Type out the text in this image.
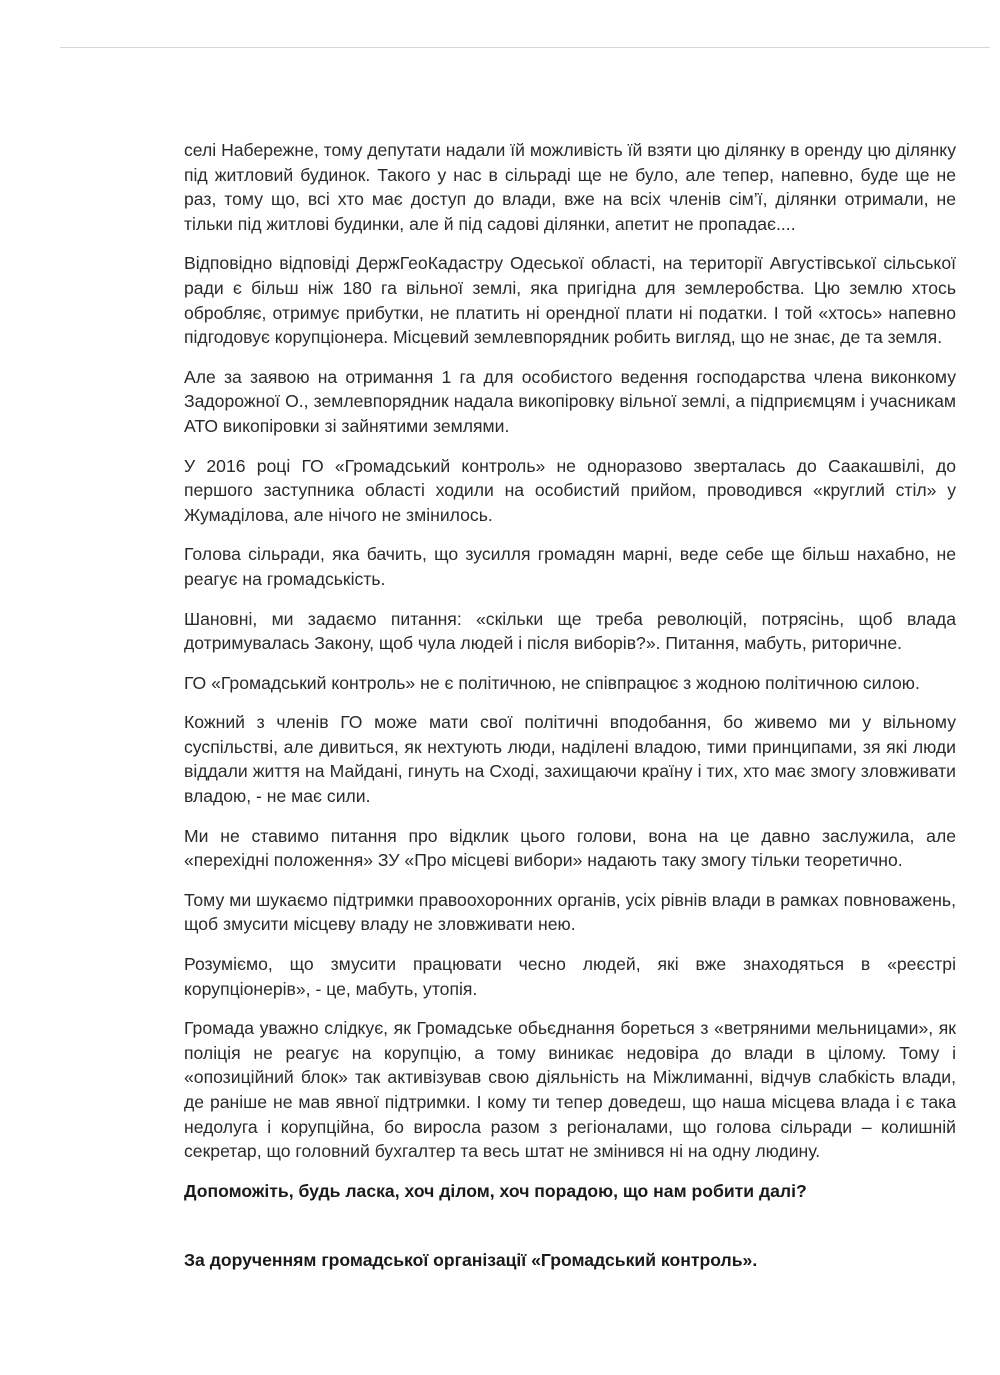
селі Набережне, тому депутати надали їй можливість їй взяти цю ділянку в оренду цю ділянку під житловий будинок. Такого у нас в сільраді ще не було, але тепер, напевно, буде ще не раз, тому що, всі хто має доступ до влади, вже на всіх членів сім’ї, ділянки отримали, не тільки під житлові будинки, але й під садові ділянки, апетит не пропадає....

Відповідно відповіді ДержГеоКадастру Одеської області, на території Августівської сільської ради є більш ніж 180 га вільної землі, яка пригідна для землеробства. Цю землю хтось обробляє, отримує прибутки, не платить ні орендної плати ні податки. І той «хтось» напевно підгодовує корупціонера. Місцевий землевпорядник робить вигляд, що не знає, де та земля.

Але за заявою на отримання 1 га для особистого ведення господарства члена виконкому Задорожної О., землевпорядник надала викопіровку вільної землі, а підприємцям і учасникам АТО викопіровки зі зайнятими землями.

У 2016 році ГО «Громадський контроль» не одноразово зверталась до Саакашвілі, до першого заступника області ходили на особистий прийом, проводився «круглий стіл» у Жумаділова, але нічого не змінилось.

Голова сільради, яка бачить, що зусилля громадян марні, веде себе ще більш нахабно, не реагує на громадськість.

Шановні, ми задаємо питання: «скільки ще треба революцій, потрясінь, щоб влада дотримувалась Закону, щоб чула людей і після виборів?». Питання, мабуть, риторичне.

ГО «Громадський контроль» не є політичною, не співпрацює з жодною політичною силою.

Кожний з членів ГО може мати свої політичні вподобання, бо живемо ми у вільному суспільстві, але дивиться, як нехтують люди, наділені владою, тими принципами, зя які люди віддали життя на Майдані, гинуть на Сході, захищаючи країну і тих, хто має змогу зловживати владою, - не має сили.

Ми не ставимо питання про відклик цього голови, вона на це давно заслужила, але «перехідні положення» ЗУ «Про місцеві вибори» надають таку змогу тільки теоретично.

Тому ми шукаємо підтримки правоохоронних органів, усіх рівнів влади в рамках повноважень, щоб змусити місцеву владу не зловживати нею.

Розуміємо, що змусити працювати чесно людей, які вже знаходяться в «реєстрі корупціонерів», - це, мабуть, утопія.

Громада уважно слідкує, як Громадське обьєднання бореться з «ветряними мельницами», як поліція не реагує на корупцію, а тому виникає недовіра до влади в цілому. Тому і «опозиційний блок» так активізував свою діяльність на Міжлиманні, відчув слабкість влади, де раніше не мав явної підтримки. І кому ти тепер доведеш, що наша місцева влада і є така недолуга і корупційна, бо виросла разом з регіоналами, що голова сільради – колишній секретар, що головний бухгалтер та весь штат не змінився ні на одну людину.

Допоможіть, будь ласка, хоч ділом, хоч порадою, що нам робити далі?

За дорученням громадської організації «Громадський контроль».
